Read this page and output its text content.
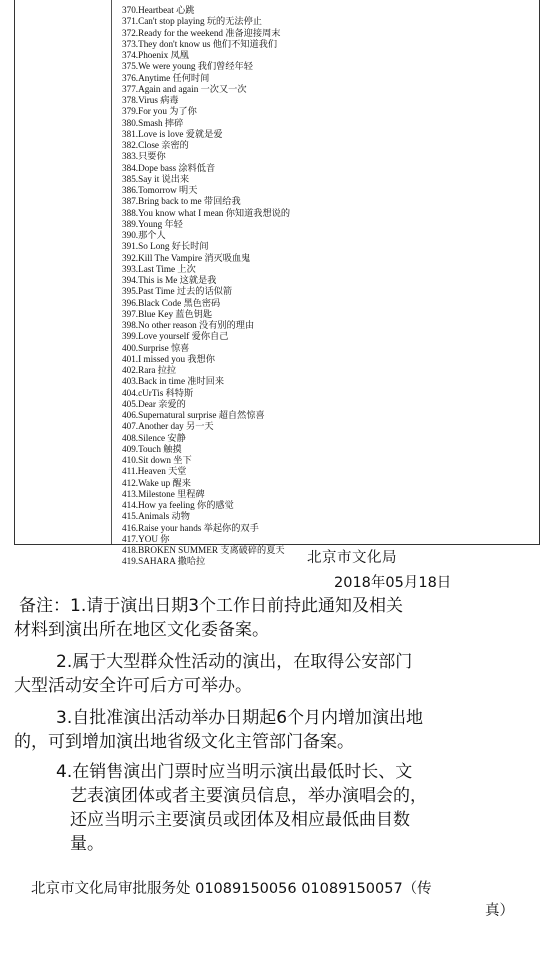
370.Heartbeat 心跳
371.Can't stop playing 玩的无法停止
372.Ready for the weekend 准备迎接周末
373.They don't know us 他们不知道我们
374.Phoenix 凤凰
375.We were young 我们曾经年轻
376.Anytime 任何时间
377.Again and again 一次又一次
378.Virus 病毒
379.For you 为了你
380.Smash 摔碎
381.Love is love 爱就是爱
382.Close 亲密的
383.只要你
384.Dope bass 涂料低音
385.Say it 说出来
386.Tomorrow 明天
387.Bring back to me 带回给我
388.You know what I mean 你知道我想说的
389.Young 年轻
390.那个人
391.So Long 好长时间
392.Kill The Vampire 消灭吸血鬼
393.Last Time 上次
394.This is Me 这就是我
395.Past Time 过去的话似箭
396.Black Code 黑色密码
397.Blue Key 蓝色钥匙
398.No other reason 没有别的理由
399.Love yourself 爱你自己
400.Surprise 惊喜
401.I missed you 我想你
402.Rara 拉拉
403.Back in time 准时回来
404.cUrTis 科特斯
405.Dear 亲爱的
406.Supernatural surprise 超自然惊喜
407.Another day 另一天
408.Silence 安静
409.Touch 触摸
410.Sit down 坐下
411.Heaven 天堂
412.Wake up 醒来
413.Milestone 里程碑
414.How ya feeling 你的感觉
415.Animals 动物
416.Raise your hands 举起你的双手
417.YOU 你
418.BROKEN SUMMER 支离破碎的夏天
419.SAHARA 撒哈拉	北京市文化局
2018年05月18日
备注：1.请于演出日期3个工作日前持此通知及相关
材料到演出所在地区文化委备案。
2.属于大型群众性活动的演出，在取得公安部门
大型活动安全许可后方可举办。
3.自批准演出活动举办日期起6个月内增加演出地
的，可到增加演出地省级文化主管部门备案。
4.在销售演出门票时应当明示演出最低时长、文
艺表演团体或者主要演员信息，举办演唱会的，
还应当明示主要演员或团体及相应最低曲目数
量。
北京市文化局审批服务处 01089150056 01089150057（传
真）
